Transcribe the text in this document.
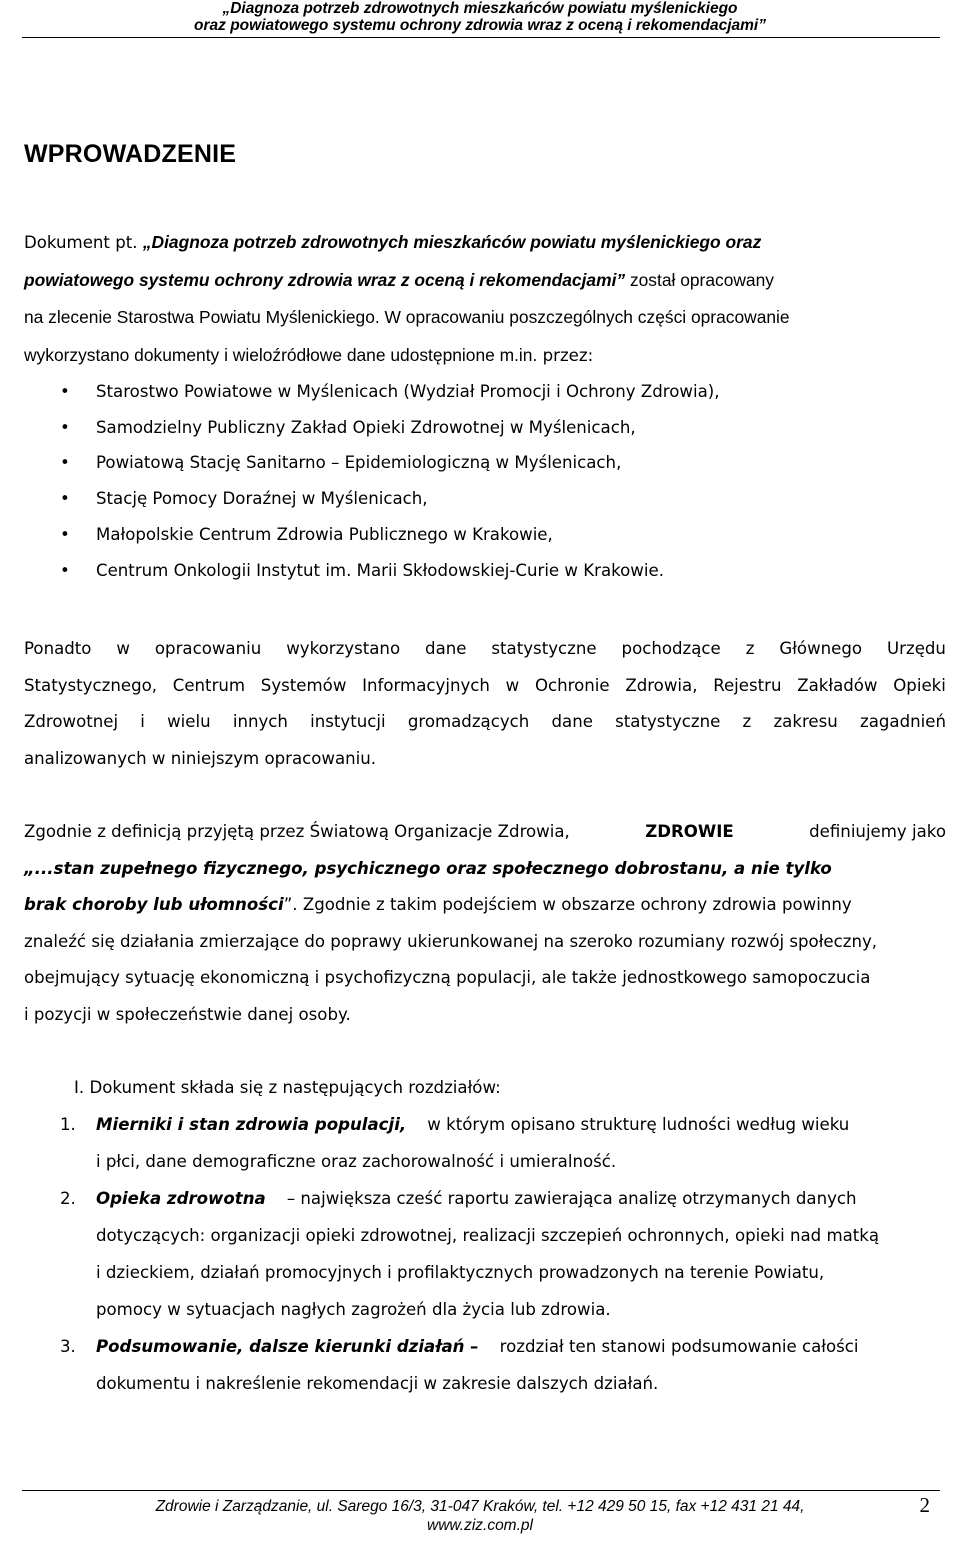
„Diagnoza potrzeb zdrowotnych mieszkańców powiatu myślenickiego
oraz powiatowego systemu ochrony zdrowia wraz z oceną i rekomendacjami”
WPROWADZENIE
Dokument pt. „Diagnoza potrzeb zdrowotnych mieszkańców powiatu myślenickiego oraz
powiatowego systemu ochrony zdrowia wraz z oceną i rekomendacjami” został opracowany
na zlecenie Starostwa Powiatu Myślenickiego. W opracowaniu poszczególnych części opracowanie
wykorzystano dokumenty i wieloźródłowe dane udostępnione m.in. przez:
• Starostwo Powiatowe w Myślenicach (Wydział Promocji i Ochrony Zdrowia),
• Samodzielny Publiczny Zakład Opieki Zdrowotnej w Myślenicach,
• Powiatową Stację Sanitarno – Epidemiologiczną w Myślenicach,
• Stację Pomocy Doraźnej w Myślenicach,
• Małopolskie Centrum Zdrowia Publicznego w Krakowie,
• Centrum Onkologii Instytut im. Marii Skłodowskiej-Curie w Krakowie.
Ponadto w opracowaniu wykorzystano dane statystyczne pochodzące z Głównego Urzędu
Statystycznego, Centrum Systemów Informacyjnych w Ochronie Zdrowia, Rejestru Zakładów Opieki
Zdrowotnej i wielu innych instytucji gromadzących dane statystyczne z zakresu zagadnień
analizowanych w niniejszym opracowaniu.
Zgodnie z definicją przyjętą przez Światową Organizacje Zdrowia,	ZDROWIE	definiujemy jako
„...stan zupełnego fizycznego, psychicznego oraz społecznego dobrostanu, a nie tylko
brak choroby lub ułomności”. Zgodnie z takim podejściem w obszarze ochrony zdrowia powinny
znaleźć się działania zmierzające do poprawy ukierunkowanej na szeroko rozumiany rozwój społeczny,
obejmujący sytuację ekonomiczną i psychofizyczną populacji, ale także jednostkowego samopoczucia
i pozycji w społeczeństwie danej osoby.
I. Dokument składa się z następujących rozdziałów:
1. Mierniki i stan zdrowia populacji, w którym opisano strukturę ludności według wieku
i płci, dane demograficzne oraz zachorowalność i umieralność.
2. Opieka zdrowotna – największa cześć raportu zawierająca analizę otrzymanych danych
dotyczących: organizacji opieki zdrowotnej, realizacji szczepień ochronnych, opieki nad matką
i dzieckiem, działań promocyjnych i profilaktycznych prowadzonych na terenie Powiatu,
pomocy w sytuacjach nagłych zagrożeń dla życia lub zdrowia.
3. Podsumowanie, dalsze kierunki działań – rozdział ten stanowi podsumowanie całości
dokumentu i nakreślenie rekomendacji w zakresie dalszych działań.
Zdrowie i Zarządzanie, ul. Sarego 16/3, 31-047 Kraków, tel. +12 429 50 15, fax +12 431 21 44,
www.ziz.com.pl
2
